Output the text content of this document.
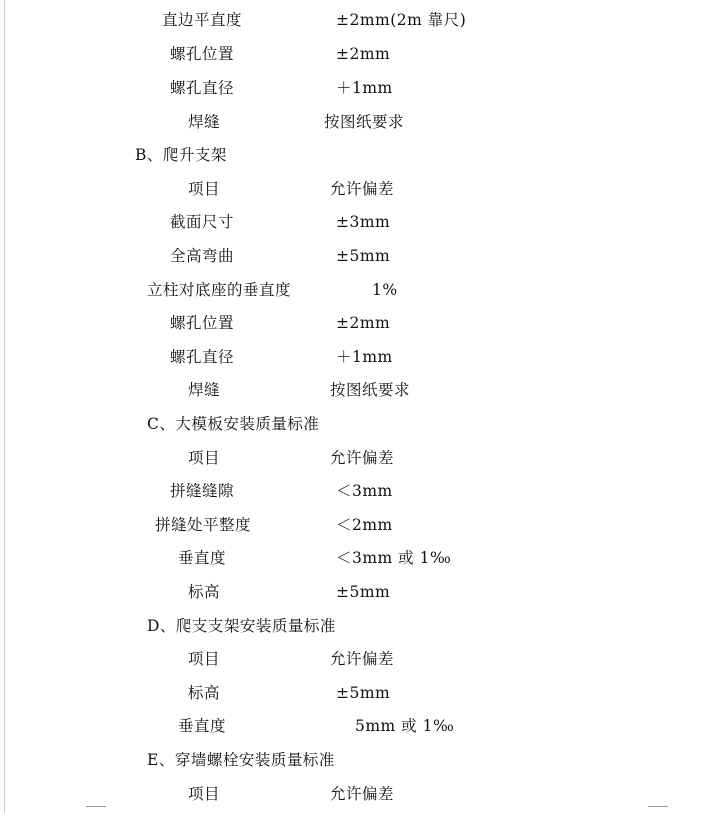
直边平直度	±2mm(2m 靠尺)
螺孔位置	±2mm
螺孔直径	＋1mm
焊缝	按图纸要求
B、爬升支架
项目	允许偏差
截面尺寸	±3mm
全高弯曲	±5mm
立柱对底座的垂直度	1%
螺孔位置	±2mm
螺孔直径	＋1mm
焊缝	按图纸要求
C、大模板安装质量标准
项目	允许偏差
拼缝缝隙	＜3mm
拼缝处平整度	＜2mm
垂直度	＜3mm 或 1‰
标高	±5mm
D、爬支支架安装质量标准
项目	允许偏差
标高	±5mm
垂直度	5mm 或 1‰
E、穿墙螺栓安装质量标准
项目	允许偏差
